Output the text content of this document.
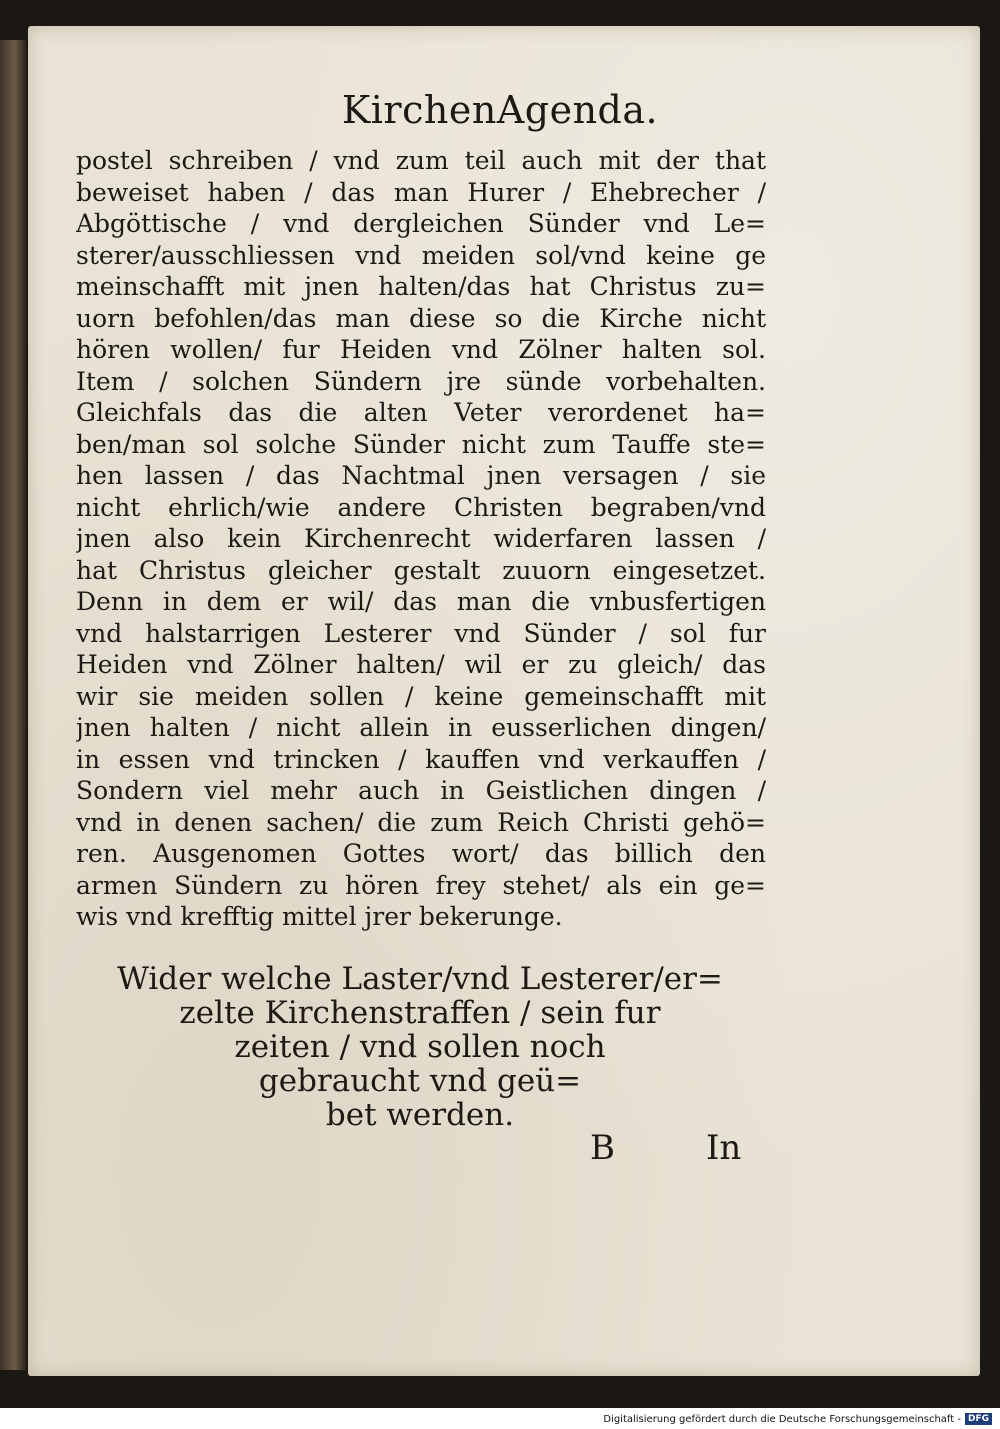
KirchenAgenda.
postel schreiben / vnd zum teil auch mit der that
beweiset haben / das man Hurer / Ehebrecher /
Abgöttische / vnd dergleichen Sünder vnd Le=
sterer/ausschliessen vnd meiden sol/vnd keine ge
meinschafft mit jnen halten/das hat Christus zu=
uorn befohlen/das man diese so die Kirche nicht
hören wollen/ fur Heiden vnd Zölner halten sol.
Item / solchen Sündern jre sünde vorbehalten.
Gleichfals das die alten Veter verordenet ha=
ben/man sol solche Sünder nicht zum Tauffe ste=
hen lassen / das Nachtmal jnen versagen / sie
nicht ehrlich/wie andere Christen begraben/vnd
jnen also kein Kirchenrecht widerfaren lassen /
hat Christus gleicher gestalt zuuorn eingesetzet.
Denn in dem er wil/ das man die vnbusfertigen
vnd halstarrigen Lesterer vnd Sünder / sol fur
Heiden vnd Zölner halten/ wil er zu gleich/ das
wir sie meiden sollen / keine gemeinschafft mit
jnen halten / nicht allein in eusserlichen dingen/
in essen vnd trincken / kauffen vnd verkauffen /
Sondern viel mehr auch in Geistlichen dingen /
vnd in denen sachen/ die zum Reich Christi gehö=
ren. Ausgenomen Gottes wort/ das billich den
armen Sündern zu hören frey stehet/ als ein ge=
wis vnd krefftig mittel jrer bekerunge.
Wider welche Laster/vnd Lesterer/er=
zelte Kirchenstraffen / sein fur
zeiten / vnd sollen noch
gebraucht vnd geü=
bet werden.
B	In
Digitalisierung gefördert durch die Deutsche Forschungsgemeinschaft - DFG
